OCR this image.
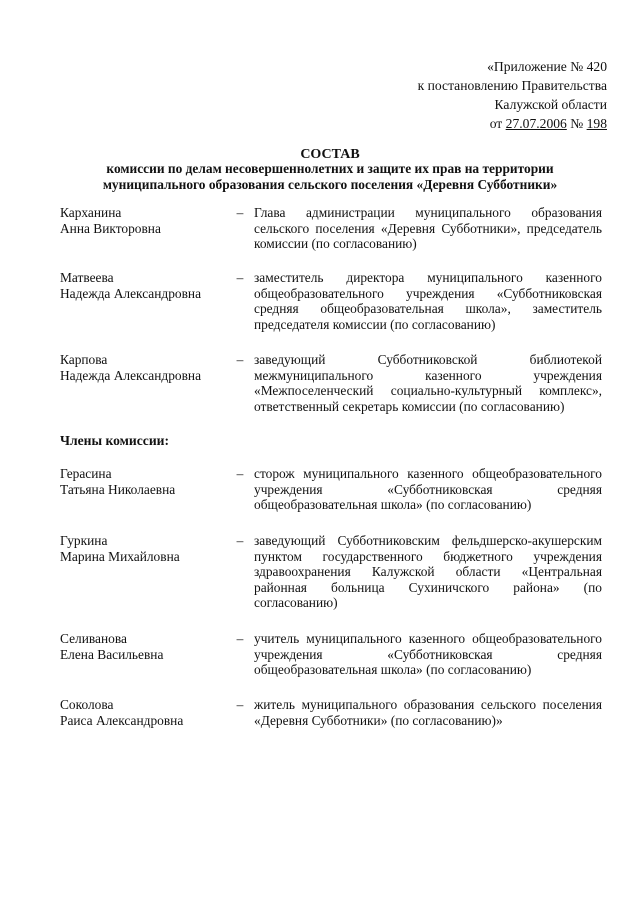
«Приложение № 420
к постановлению Правительства
Калужской области
от 27.07.2006 № 198
СОСТАВ
комиссии по делам несовершеннолетних и защите их прав на территории муниципального образования сельского поселения «Деревня Субботники»
Карханина
Анна Викторовна
– Глава администрации муниципального образования сельского поселения «Деревня Субботники», председатель комиссии (по согласованию)
Матвеева
Надежда Александровна
– заместитель директора муниципального казенного общеобразовательного учреждения «Субботниковская средняя общеобразовательная школа», заместитель председателя комиссии (по согласованию)
Карпова
Надежда Александровна
– заведующий Субботниковской библиотекой межмуниципального казенного учреждения «Межпоселенческий социально-культурный комплекс», ответственный секретарь комиссии (по согласованию)
Члены комиссии:
Герасина
Татьяна Николаевна
– сторож муниципального казенного общеобразовательного учреждения «Субботниковская средняя общеобразовательная школа» (по согласованию)
Гуркина
Марина Михайловна
– заведующий Субботниковским фельдшерско-акушерским пунктом государственного бюджетного учреждения здравоохранения Калужской области «Центральная районная больница Сухиничского района» (по согласованию)
Селиванова
Елена Васильевна
– учитель муниципального казенного общеобразовательного учреждения «Субботниковская средняя общеобразовательная школа» (по согласованию)
Соколова
Раиса Александровна
– житель муниципального образования сельского поселения «Деревня Субботники» (по согласованию)»
